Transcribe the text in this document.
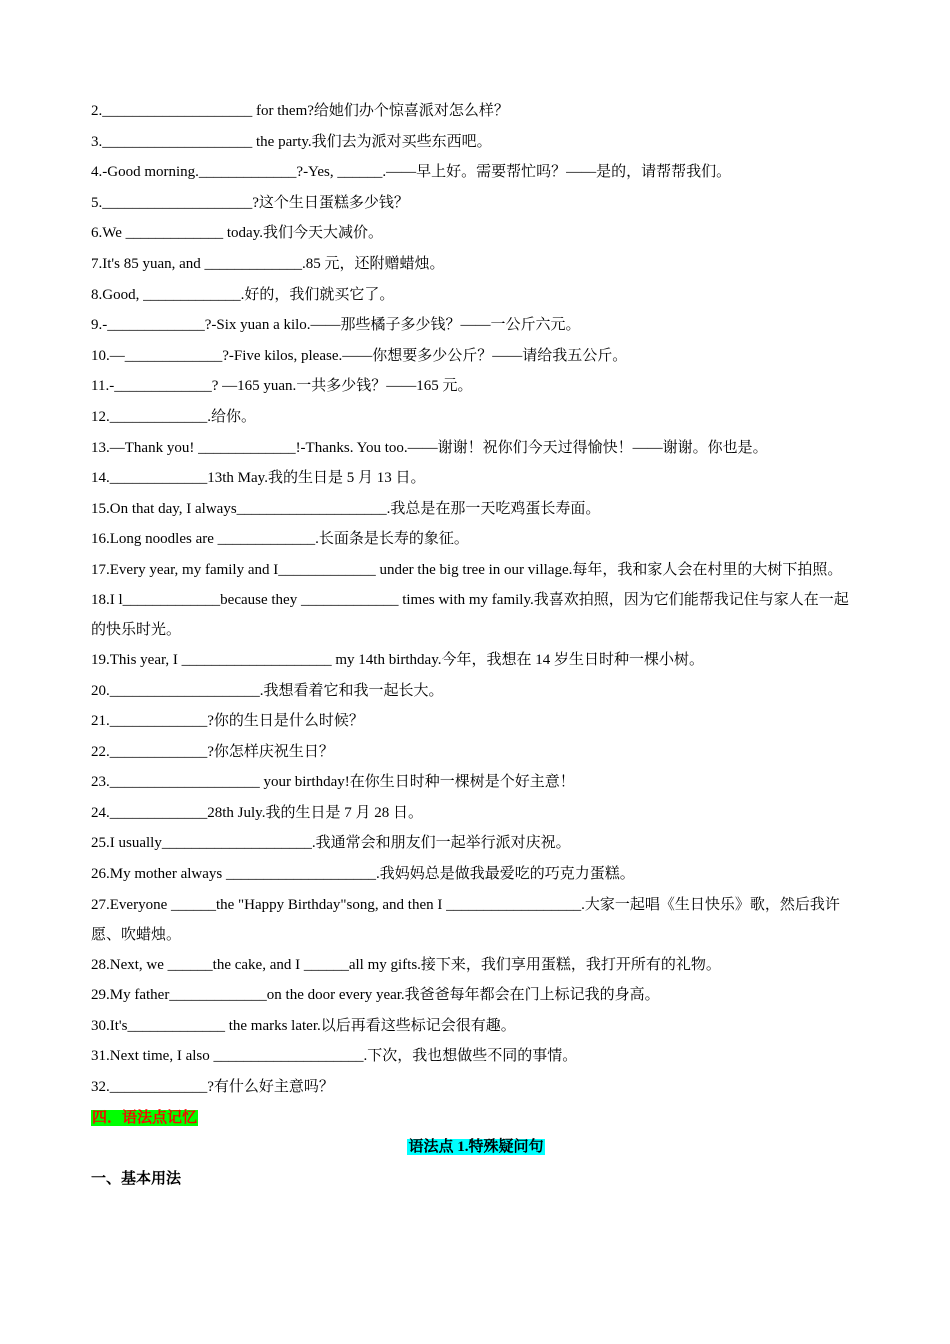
2.____________________ for them?给她们办个惊喜派对怎么样？
3.____________________ the party.我们去为派对买些东西吧。
4.-Good morning._____________?-Yes, ______.——早上好。需要帮忙吗？——是的，请帮帮我们。
5.____________________?这个生日蛋糕多少钱？
6.We _____________ today.我们今天大减价。
7.It's 85 yuan, and _____________.85 元，还附赠蜡烛。
8.Good, _____________.好的，我们就买它了。
9.-_____________?-Six yuan a kilo.——那些橘子多少钱？——一公斤六元。
10.—_____________?-Five kilos, please.——你想要多少公斤？——请给我五公斤。
11.-_____________? —165 yuan.一共多少钱？——165 元。
12._____________.给你。
13.—Thank you! _____________!-Thanks. You too.——谢谢！祝你们今天过得愉快！——谢谢。你也是。
14._____________13th May.我的生日是 5 月 13 日。
15.On that day, I always____________________.我总是在那一天吃鸡蛋长寿面。
16.Long noodles are _____________.长面条是长寿的象征。
17.Every year, my family and I_____________ under the big tree in our village.每年，我和家人会在村里的大树下拍照。
18.I l_____________because they _____________ times with my family.我喜欢拍照，因为它们能帮我记住与家人在一起的快乐时光。
19.This year, I ____________________ my 14th birthday.今年，我想在 14 岁生日时种一棵小树。
20.____________________.我想看着它和我一起长大。
21._____________?你的生日是什么时候？
22._____________?你怎样庆祝生日？
23.____________________ your birthday!在你生日时种一棵树是个好主意！
24._____________28th July.我的生日是 7 月 28 日。
25.I usually____________________.我通常会和朋友们一起举行派对庆祝。
26.My mother always ____________________.我妈妈总是做我最爱吃的巧克力蛋糕。
27.Everyone ______the "Happy Birthday"song, and then I __________________.大家一起唱《生日快乐》歌，然后我许愿、吹蜡烛。
28.Next, we ______the cake, and I ______all my gifts.接下来，我们享用蛋糕，我打开所有的礼物。
29.My father_____________on the door every year.我爸爸每年都会在门上标记我的身高。
30.It's_____________ the marks later.以后再看这些标记会很有趣。
31.Next time, I also ____________________.下次，我也想做些不同的事情。
32._____________?有什么好主意吗？
四．语法点记忆
语法点 1.特殊疑问句
一、基本用法
